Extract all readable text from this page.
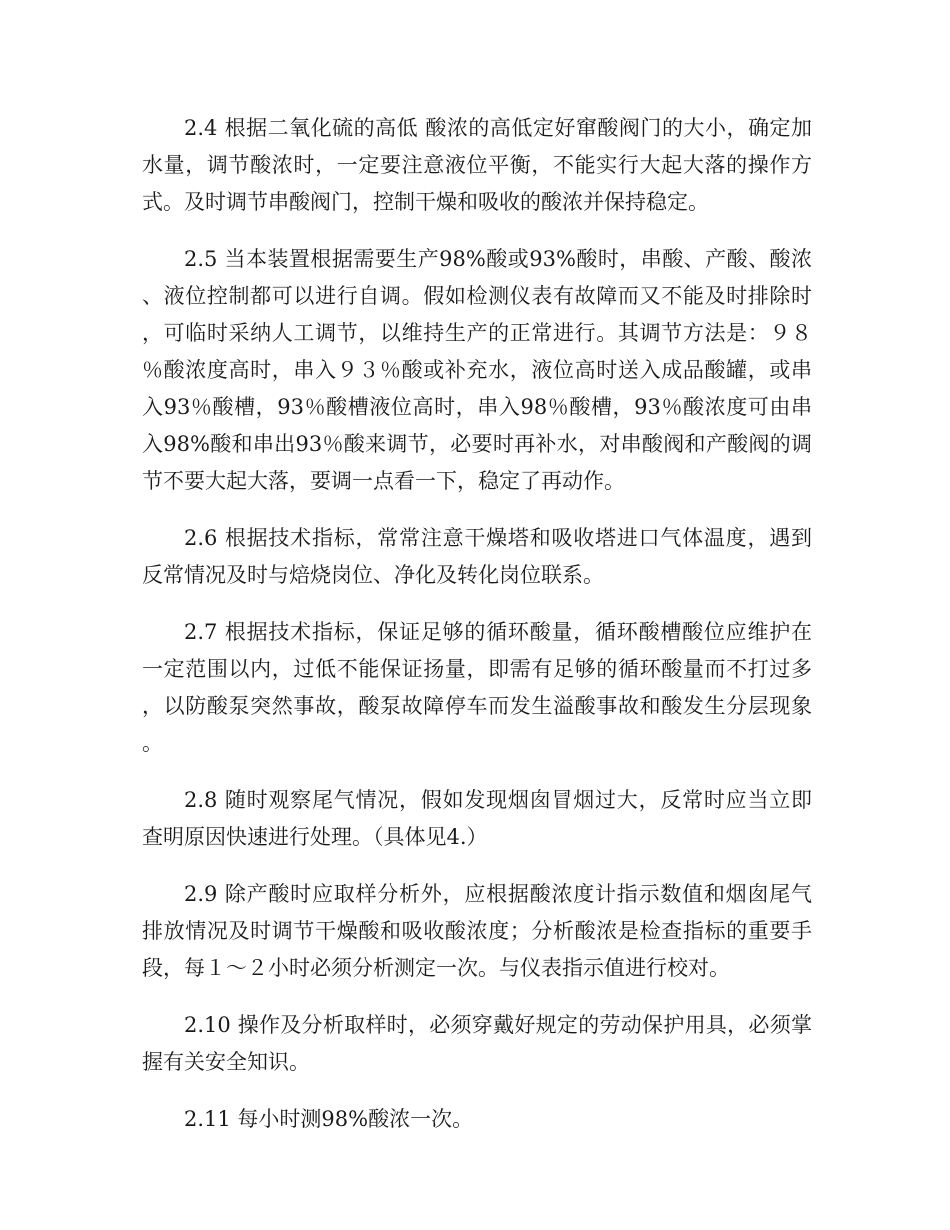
2.4 根据二氧化硫的高低 酸浓的高低定好窜酸阀门的大小，确定加水量，调节酸浓时，一定要注意液位平衡，不能实行大起大落的操作方式。及时调节串酸阀门，控制干燥和吸收的酸浓并保持稳定。

2.5 当本装置根据需要生产98%酸或93%酸时，串酸、产酸、酸浓、液位控制都可以进行自调。假如检测仪表有故障而又不能及时排除时，可临时采纳人工调节，以维持生产的正常进行。其调节方法是：９８％酸浓度高时，串入９３％酸或补充水，液位高时送入成品酸罐，或串入93％酸槽，93％酸槽液位高时，串入98％酸槽，93％酸浓度可由串入98%酸和串出93％酸来调节，必要时再补水，对串酸阀和产酸阀的调节不要大起大落，要调一点看一下，稳定了再动作。

2.6 根据技术指标，常常注意干燥塔和吸收塔进口气体温度，遇到反常情况及时与焙烧岗位、净化及转化岗位联系。

2.7 根据技术指标，保证足够的循环酸量，循环酸槽酸位应维护在一定范围以内，过低不能保证扬量，即需有足够的循环酸量而不打过多，以防酸泵突然事故，酸泵故障停车而发生溢酸事故和酸发生分层现象。

2.8 随时观察尾气情况，假如发现烟囱冒烟过大，反常时应当立即查明原因快速进行处理。（具体见4.）

2.9 除产酸时应取样分析外，应根据酸浓度计指示数值和烟囱尾气排放情况及时调节干燥酸和吸收酸浓度；分析酸浓是检查指标的重要手段，每１～２小时必须分析测定一次。与仪表指示值进行校对。

2.10 操作及分析取样时，必须穿戴好规定的劳动保护用具，必须掌握有关安全知识。

2.11 每小时测98%酸浓一次。
